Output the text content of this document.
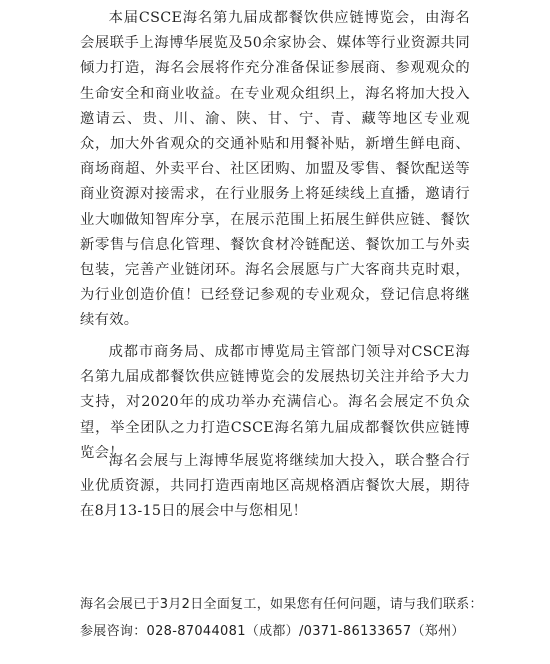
本届CSCE海名第九届成都餐饮供应链博览会，由海名会展联手上海博华展览及50余家协会、媒体等行业资源共同倾力打造，海名会展将作充分准备保证参展商、参观观众的生命安全和商业收益。在专业观众组织上，海名将加大投入邀请云、贵、川、渝、陕、甘、宁、青、藏等地区专业观众，加大外省观众的交通补贴和用餐补贴，新增生鲜电商、商场商超、外卖平台、社区团购、加盟及零售、餐饮配送等商业资源对接需求，在行业服务上将延续线上直播，邀请行业大咖做知智库分享，在展示范围上拓展生鲜供应链、餐饮新零售与信息化管理、餐饮食材冷链配送、餐饮加工与外卖包装，完善产业链闭环。海名会展愿与广大客商共克时艰，为行业创造价值！已经登记参观的专业观众，登记信息将继续有效。

成都市商务局、成都市博览局主管部门领导对CSCE海名第九届成都餐饮供应链博览会的发展热切关注并给予大力支持，对2020年的成功举办充满信心。海名会展定不负众望，举全团队之力打造CSCE海名第九届成都餐饮供应链博览会！

海名会展与上海博华展览将继续加大投入，联合整合行业优质资源，共同打造西南地区高规格酒店餐饮大展，期待在8月13-15日的展会中与您相见！

海名会展已于3月2日全面复工，如果您有任何问题，请与我们联系：

参展咨询：028-87044081（成都）/0371-86133657（郑州）
